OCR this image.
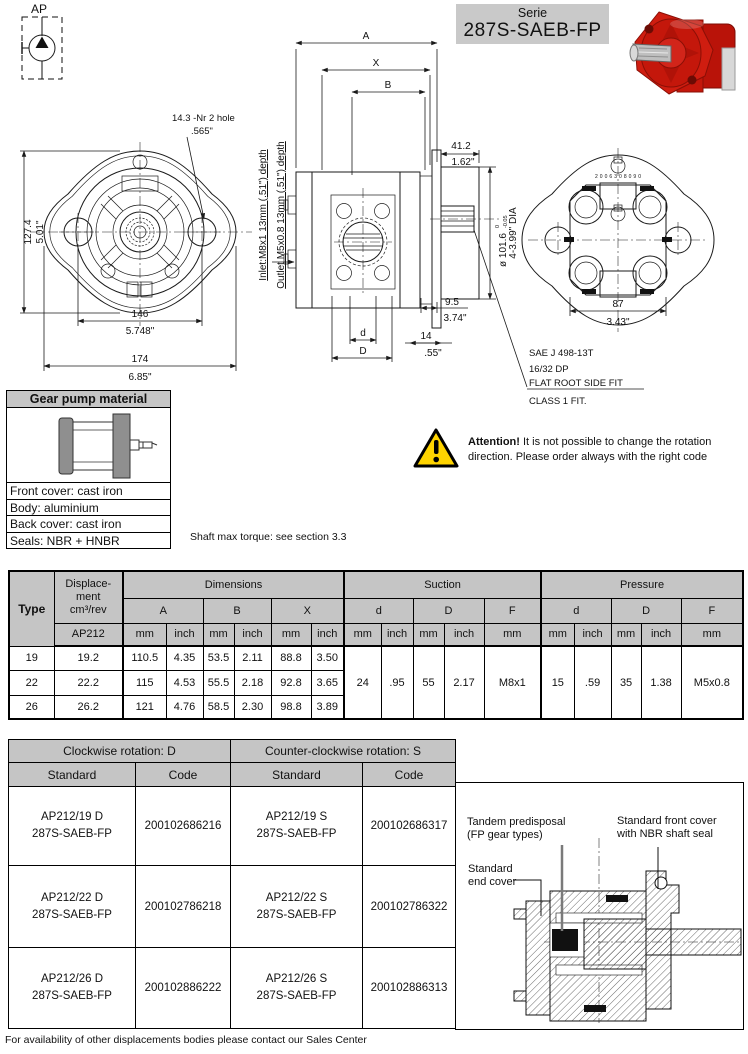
AP	Serie
287S-SAEB-FP
127.4 5.01"
146
5.748"
174
6.85"
14.3 -Nr 2 hole
.565"
Inlet:M8x1 13mm (.51") depth Outlet M5x0.8 13mm (.51") depth
A
X
B
41.2
1.62"
ø 101.6
0 -0.05 4-3.99" DIA
d
D
9.5
3.74"
14
.55"
2006308090
87
3.43"
SAE J 498-13T
16/32 DP
FLAT ROOT SIDE FIT
CLASS 1 FIT.
Gear pump material
Front cover: cast iron
Body: aluminium
Back cover: cast iron
Seals: NBR + HNBR	Shaft max torque: see section 3.3
Attention! It is not possible to change the rotation
direction. Please order always with the right code
Type	Displace-
ment
cm³/rev	Dimensions						Suction					Pressure				
		A		B		X		d		D		F	d		D		F
	AP212	mm	inch	mm	inch	mm	inch	mm	inch	mm	inch	mm	mm	inch	mm	inch	mm
19	19.2	110.5	4.35	53.5	2.11	88.8	3.50	24	.95	55	2.17	M8x1	15	.59	35	1.38	M5x0.8
22	22.2	115	4.53	55.5	2.18	92.8	3.65										
26	26.2	121	4.76	58.5	2.30	98.8	3.89										
Clockwise rotation: D		Counter-clockwise rotation: S	
Standard	Code	Standard	Code

AP212/19 D
287S-SAEB-FP
	200102686216	
AP212/19 S
287S-SAEB-FP
	200102686317

AP212/22 D
287S-SAEB-FP
	200102786218	
AP212/22 S
287S-SAEB-FP
	200102786322

AP212/26 D
287S-SAEB-FP
	200102886222	
AP212/26 S
287S-SAEB-FP
	200102886313
Tandem predisposal
(FP gear types)
Standard front cover
with NBR shaft seal
Standard
end cover
For availability of other displacements bodies please contact our Sales Center
